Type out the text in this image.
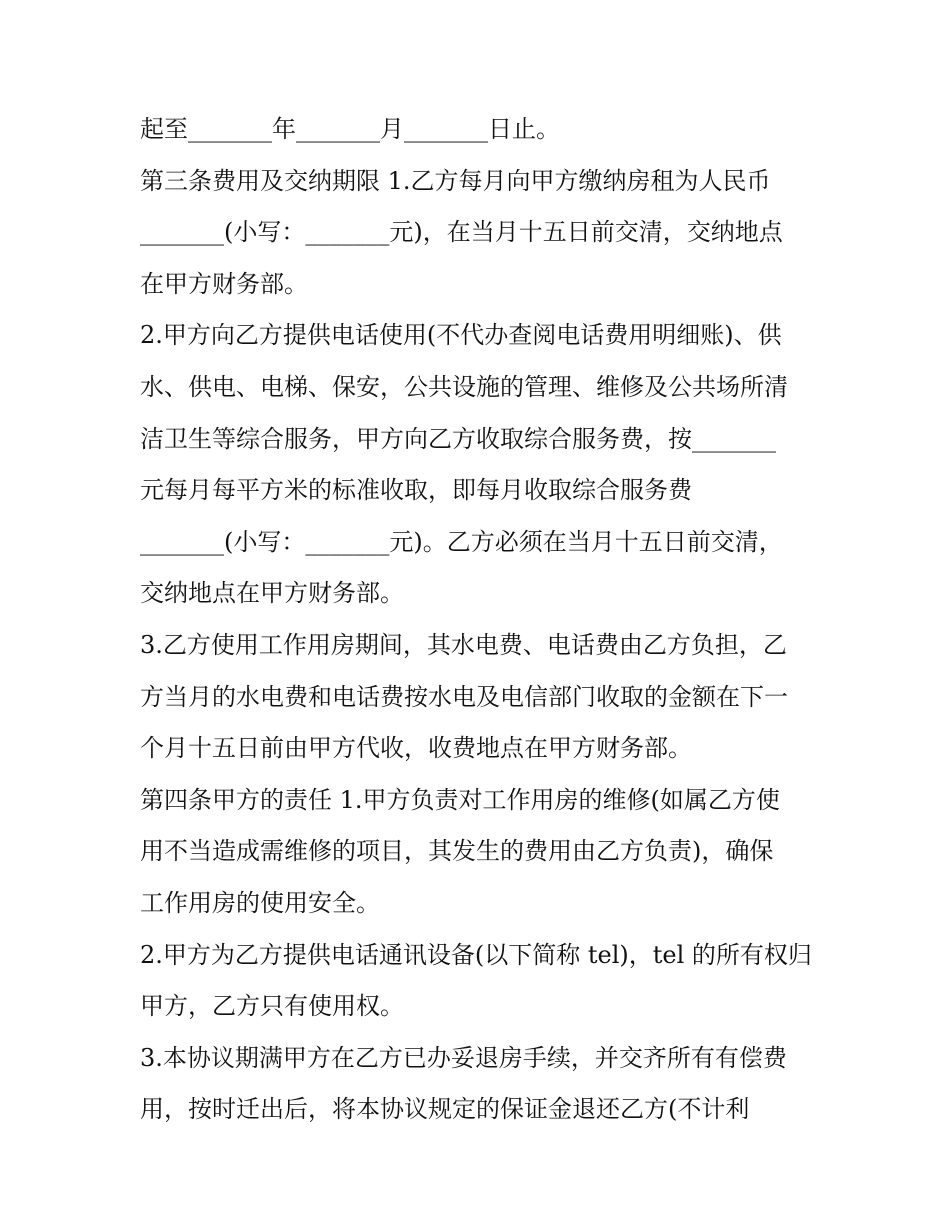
起至_______年_______月_______日止。
第三条费用及交纳期限 1.乙方每月向甲方缴纳房租为人民币
_______(小写：_______元)，在当月十五日前交清，交纳地点
在甲方财务部。
2.甲方向乙方提供电话使用(不代办查阅电话费用明细账)、供
水、供电、电梯、保安，公共设施的管理、维修及公共场所清
洁卫生等综合服务，甲方向乙方收取综合服务费，按_______
元每月每平方米的标准收取，即每月收取综合服务费
_______(小写：_______元)。乙方必须在当月十五日前交清，
交纳地点在甲方财务部。
3.乙方使用工作用房期间，其水电费、电话费由乙方负担，乙
方当月的水电费和电话费按水电及电信部门收取的金额在下一
个月十五日前由甲方代收，收费地点在甲方财务部。
第四条甲方的责任 1.甲方负责对工作用房的维修(如属乙方使
用不当造成需维修的项目，其发生的费用由乙方负责)，确保
工作用房的使用安全。
2.甲方为乙方提供电话通讯设备(以下简称 tel)，tel 的所有权归
甲方，乙方只有使用权。
3.本协议期满甲方在乙方已办妥退房手续，并交齐所有有偿费
用，按时迁出后，将本协议规定的保证金退还乙方(不计利
